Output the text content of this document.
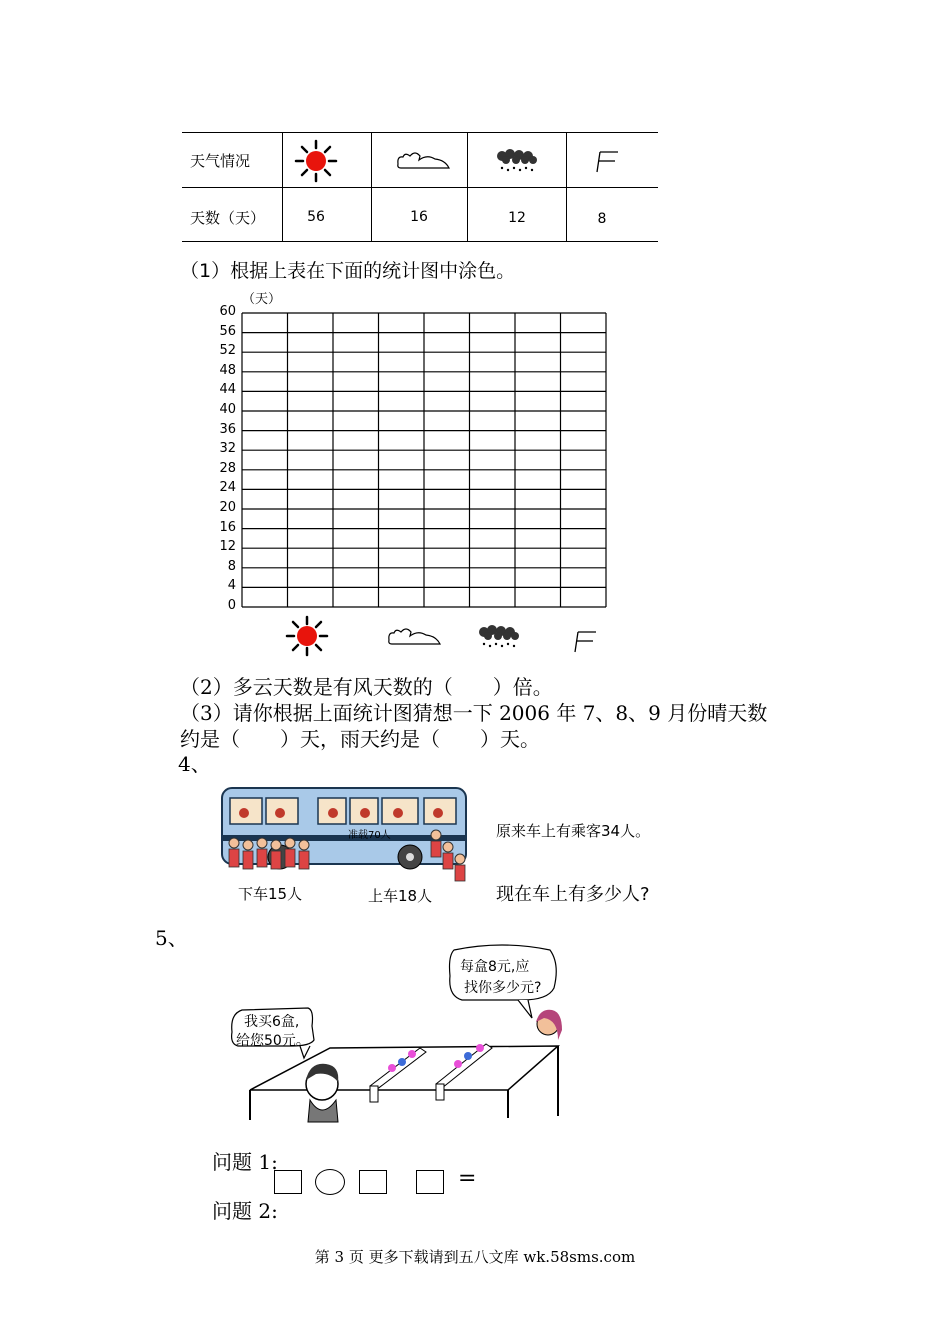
天气情况
天数（天）	56	16	12	8
（1）根据上表在下面的统计图中涂色。
（天）
60
56
52
48
44
40
36
32
28
24
20
16
12
8
4
0
（2）多云天数是有风天数的（　　）倍。
（3）请你根据上面统计图猜想一下 2006 年 7、8、9 月份晴天数
约是（　　）天，雨天约是（　　）天。
4、
准载70人
下车15人	上车18人
原来车上有乘客34人。
现在车上有多少人?
5、
我买6盒,
给您50元。
每盒8元,应
找你多少元?
问题 1:
=
问题 2:
第 3 页 更多下载请到五八文库 wk.58sms.com
